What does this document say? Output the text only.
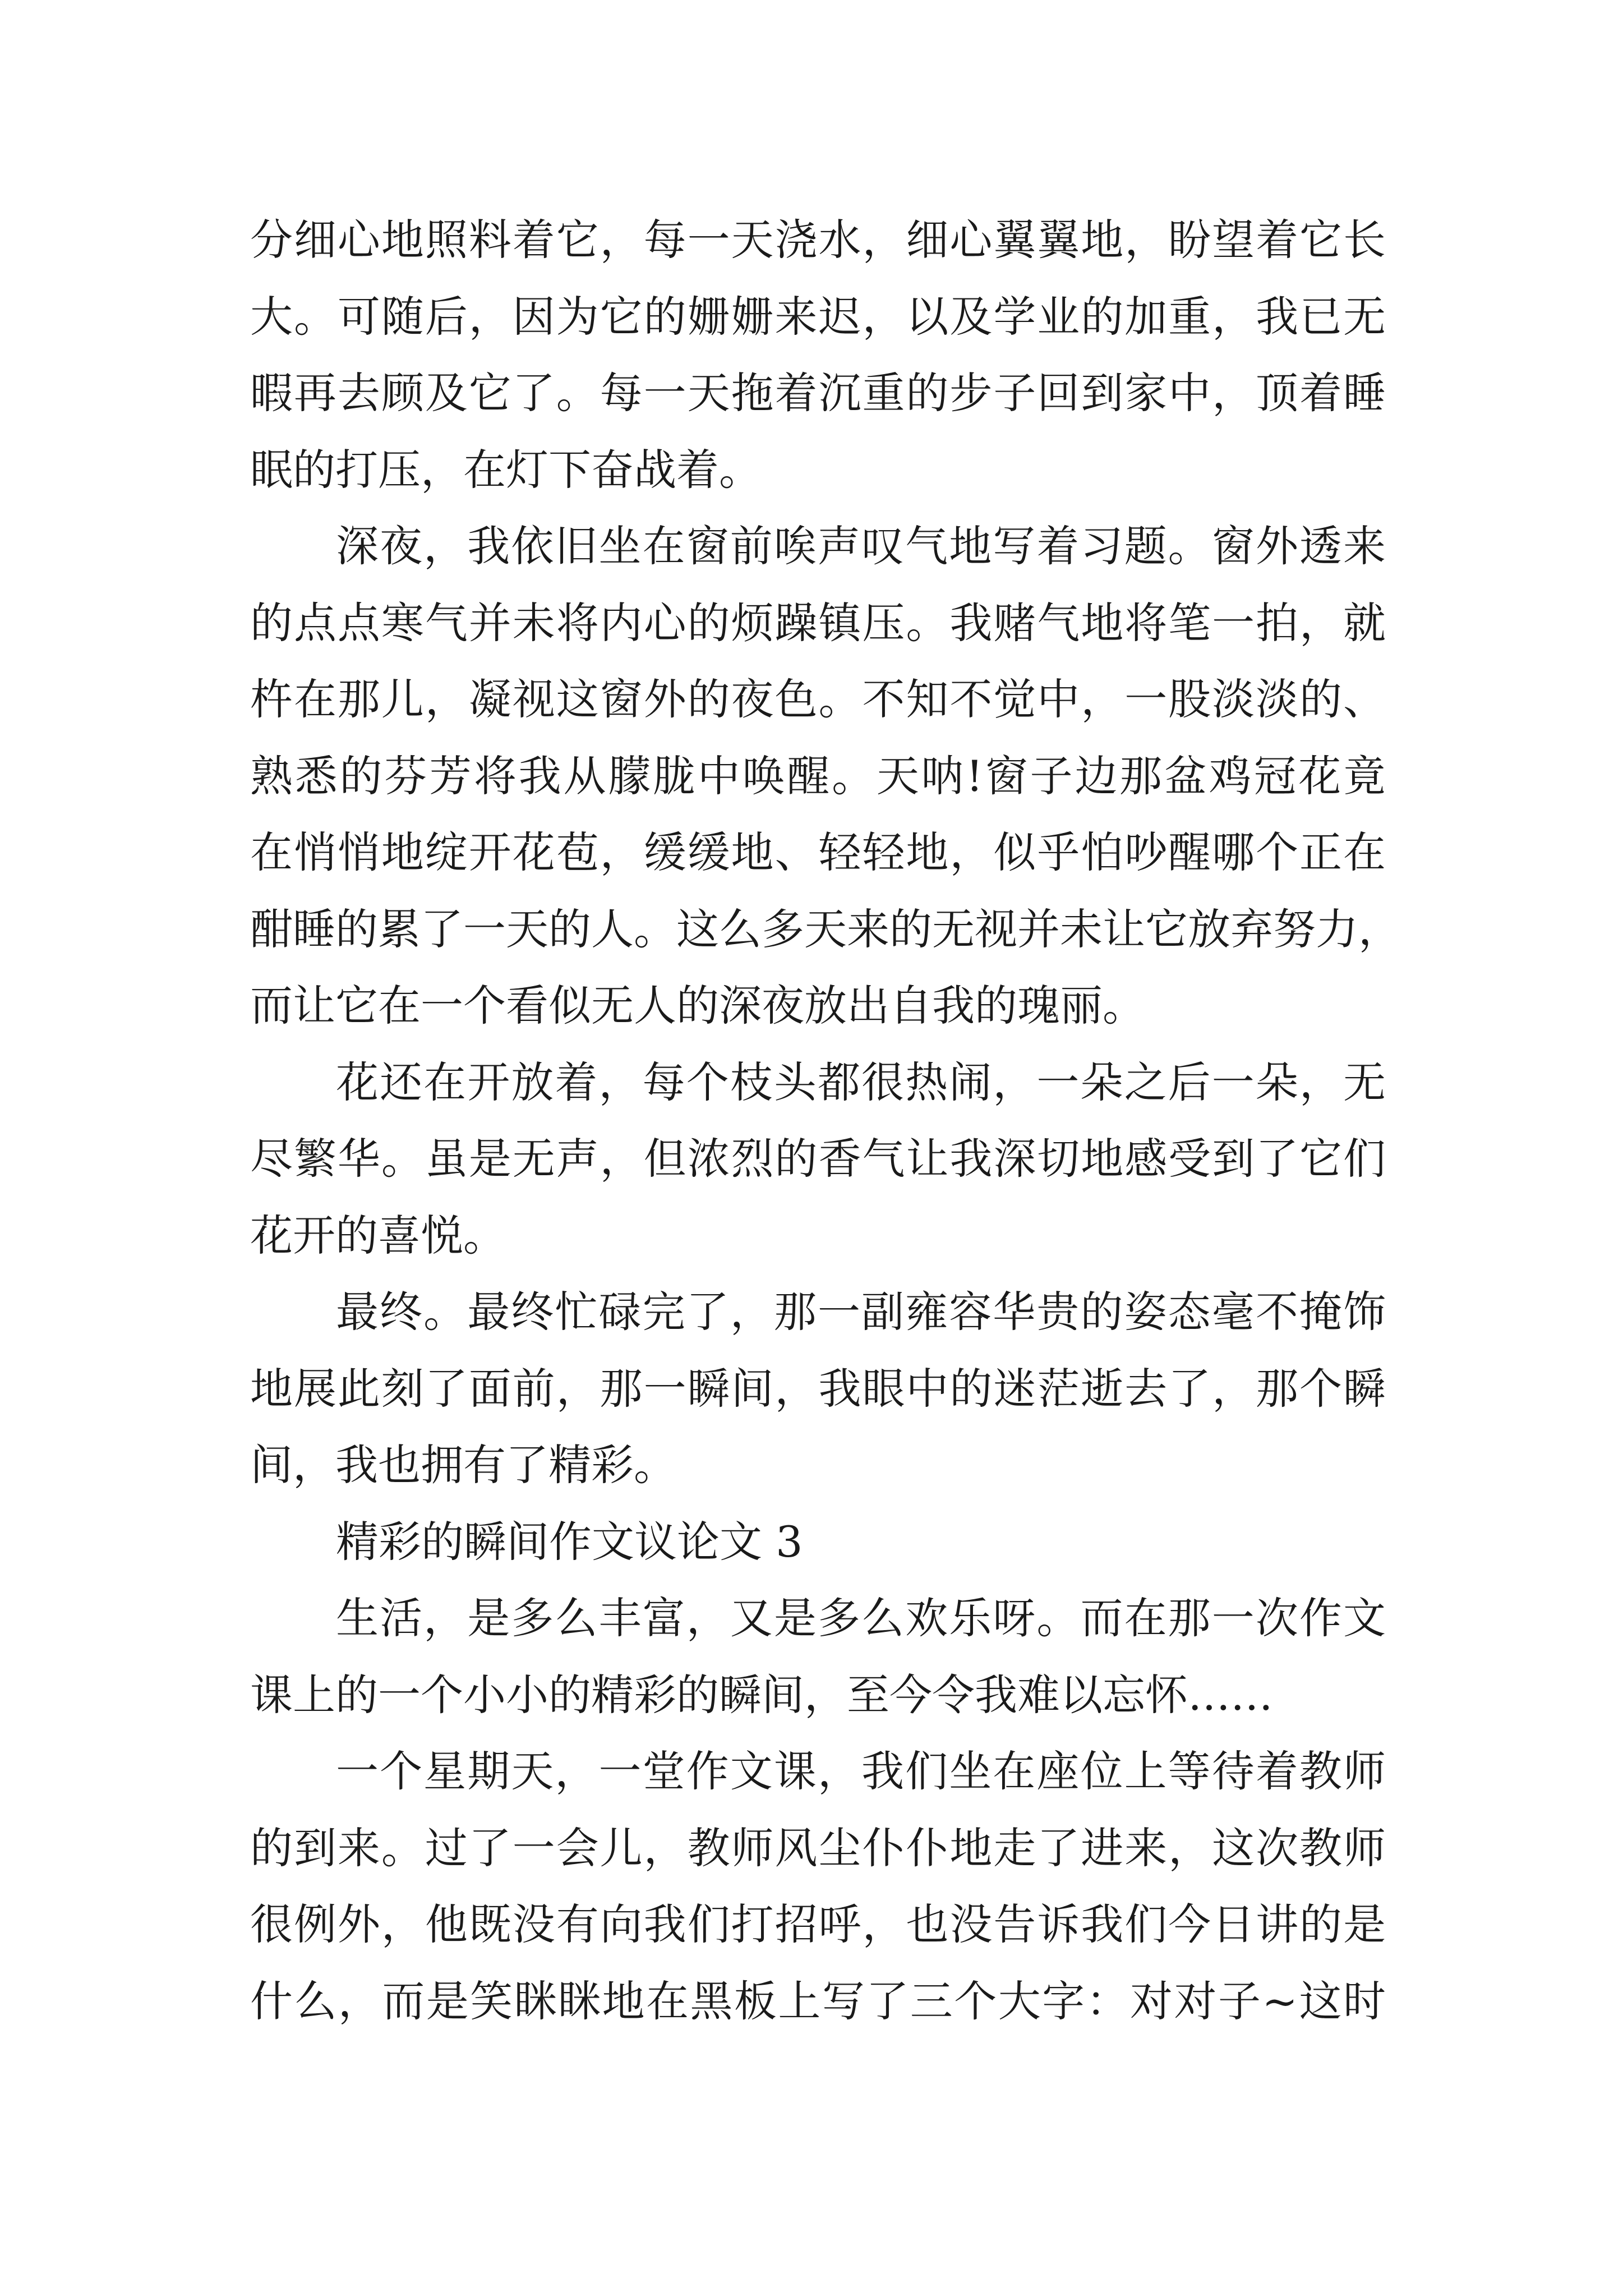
分细心地照料着它，每一天浇水，细心翼翼地，盼望着它长
大。可随后，因为它的姗姗来迟，以及学业的加重，我已无
暇再去顾及它了。每一天拖着沉重的步子回到家中，顶着睡
眠的打压，在灯下奋战着。
深夜，我依旧坐在窗前唉声叹气地写着习题。窗外透来
的点点寒气并未将内心的烦躁镇压。我赌气地将笔一拍，就
杵在那儿，凝视这窗外的夜色。不知不觉中，一股淡淡的、
熟悉的芬芳将我从朦胧中唤醒。天呐!窗子边那盆鸡冠花竟
在悄悄地绽开花苞，缓缓地、轻轻地，似乎怕吵醒哪个正在
酣睡的累了一天的人。这么多天来的无视并未让它放弃努力，
而让它在一个看似无人的深夜放出自我的瑰丽。
花还在开放着，每个枝头都很热闹，一朵之后一朵，无
尽繁华。虽是无声，但浓烈的香气让我深切地感受到了它们
花开的喜悦。
最终。最终忙碌完了，那一副雍容华贵的姿态毫不掩饰
地展此刻了面前，那一瞬间，我眼中的迷茫逝去了，那个瞬
间，我也拥有了精彩。
精彩的瞬间作文议论文 3
生活，是多么丰富，又是多么欢乐呀。而在那一次作文
课上的一个小小的精彩的瞬间，至今令我难以忘怀……
一个星期天，一堂作文课，我们坐在座位上等待着教师
的到来。过了一会儿，教师风尘仆仆地走了进来，这次教师
很例外，他既没有向我们打招呼，也没告诉我们今日讲的是
什么，而是笑眯眯地在黑板上写了三个大字：对对子~这时
